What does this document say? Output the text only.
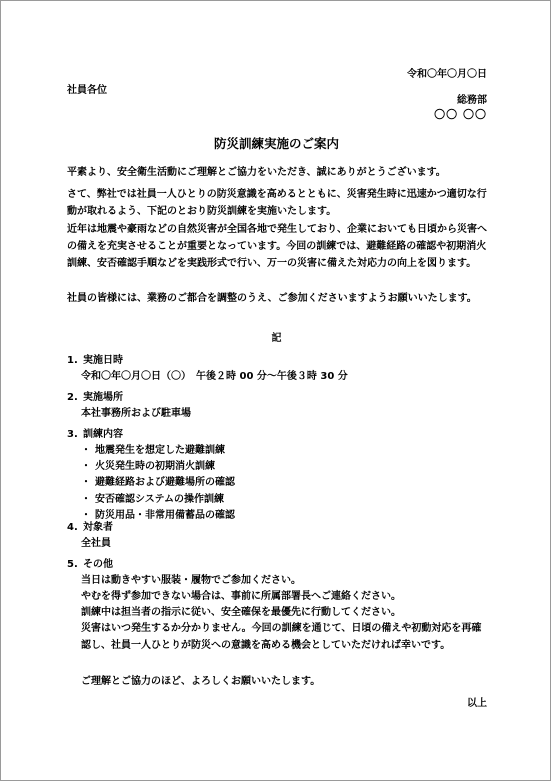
令和〇年〇月〇日
社員各位
総務部
〇〇 〇〇
防災訓練実施のご案内
平素より、安全衛生活動にご理解とご協力をいただき、誠にありがとうございます。
さて、弊社では社員一人ひとりの防災意識を高めるとともに、災害発生時に迅速かつ適切な行動が取れるよう、下記のとおり防災訓練を実施いたします。
近年は地震や豪雨などの自然災害が全国各地で発生しており、企業においても日頃から災害への備えを充実させることが重要となっています。今回の訓練では、避難経路の確認や初期消火訓練、安否確認手順などを実践形式で行い、万一の災害に備えた対応力の向上を図ります。
社員の皆様には、業務のご都合を調整のうえ、ご参加くださいますようお願いいたします。
記
1. 実施日時
令和〇年〇月〇日（〇）　午後２時 00 分～午後３時 30 分
2. 実施場所
本社事務所および駐車場
3. 訓練内容
・ 地震発生を想定した避難訓練
・ 火災発生時の初期消火訓練
・ 避難経路および避難場所の確認
・ 安否確認システムの操作訓練
・ 防災用品・非常用備蓄品の確認
4. 対象者
全社員
5. その他
当日は動きやすい服装・履物でご参加ください。
やむを得ず参加できない場合は、事前に所属部署長へご連絡ください。
訓練中は担当者の指示に従い、安全確保を最優先に行動してください。
災害はいつ発生するか分かりません。今回の訓練を通じて、日頃の備えや初動対応を再確認し、社員一人ひとりが防災への意識を高める機会としていただければ幸いです。
ご理解とご協力のほど、よろしくお願いいたします。
以上
